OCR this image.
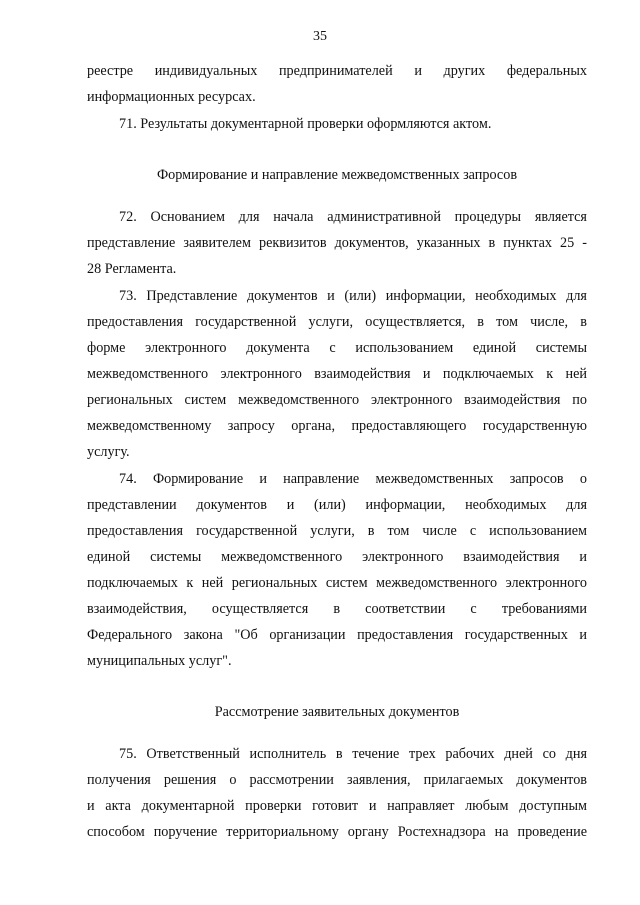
35
реестре индивидуальных предпринимателей и других федеральных
информационных ресурсах.
71. Результаты документарной проверки оформляются актом.
Формирование и направление межведомственных запросов
72. Основанием для начала административной процедуры является
представление заявителем реквизитов документов, указанных в пунктах 25 -
28 Регламента.
73. Представление документов и (или) информации, необходимых для
предоставления государственной услуги, осуществляется, в том числе, в
форме электронного документа с использованием единой системы
межведомственного электронного взаимодействия и подключаемых к ней
региональных систем межведомственного электронного взаимодействия по
межведомственному запросу органа, предоставляющего государственную
услугу.
74. Формирование и направление межведомственных запросов о
представлении документов и (или) информации, необходимых для
предоставления государственной услуги, в том числе с использованием
единой системы межведомственного электронного взаимодействия и
подключаемых к ней региональных систем межведомственного электронного
взаимодействия, осуществляется в соответствии с требованиями
Федерального закона "Об организации предоставления государственных и
муниципальных услуг".
Рассмотрение заявительных документов
75. Ответственный исполнитель в течение трех рабочих дней со дня
получения решения о рассмотрении заявления, прилагаемых документов
и акта документарной проверки готовит и направляет любым доступным
способом поручение территориальному органу Ростехнадзора на проведение
